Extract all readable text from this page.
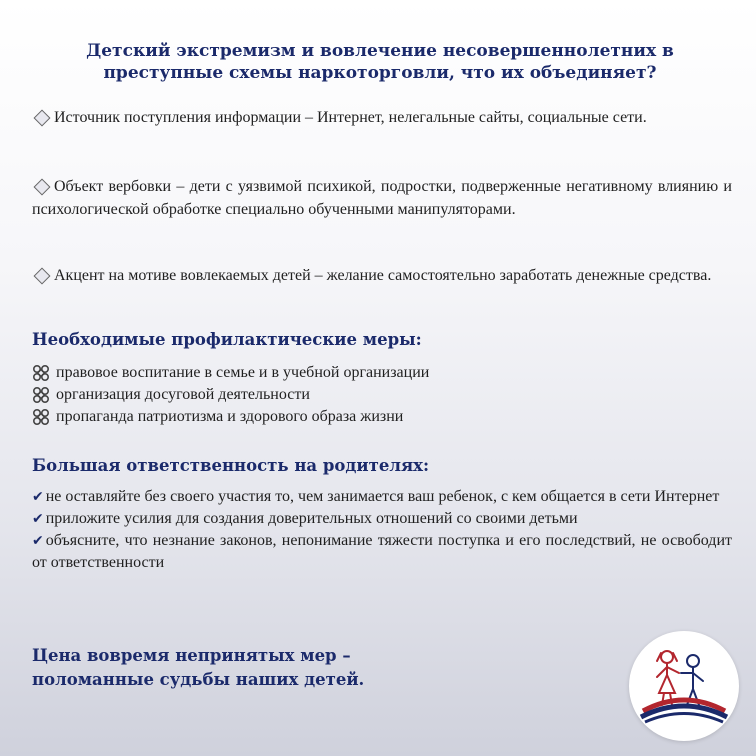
Детский экстремизм и вовлечение несовершеннолетних в
преступные схемы наркоторговли, что их объединяет?
Источник поступления информации – Интернет, нелегальные сайты, социальные сети.
Объект вербовки – дети с уязвимой психикой, подростки, подверженные негативному влиянию и психологической обработке специально обученными манипуляторами.
Акцент на мотиве вовлекаемых детей – желание самостоятельно заработать денежные средства.
Необходимые профилактические меры:
правовое воспитание в семье и в учебной организации
организация досуговой деятельности
пропаганда патриотизма и здорового образа жизни
Большая ответственность на родителях:
✔ не оставляйте без своего участия то, чем занимается ваш ребенок, с кем общается в сети Интернет
✔ приложите усилия для создания доверительных отношений со своими детьми
✔ объясните, что незнание законов, непонимание тяжести поступка и его последствий, не освободит от ответственности
Цена вовремя непринятых мер –
поломанные судьбы наших детей.
